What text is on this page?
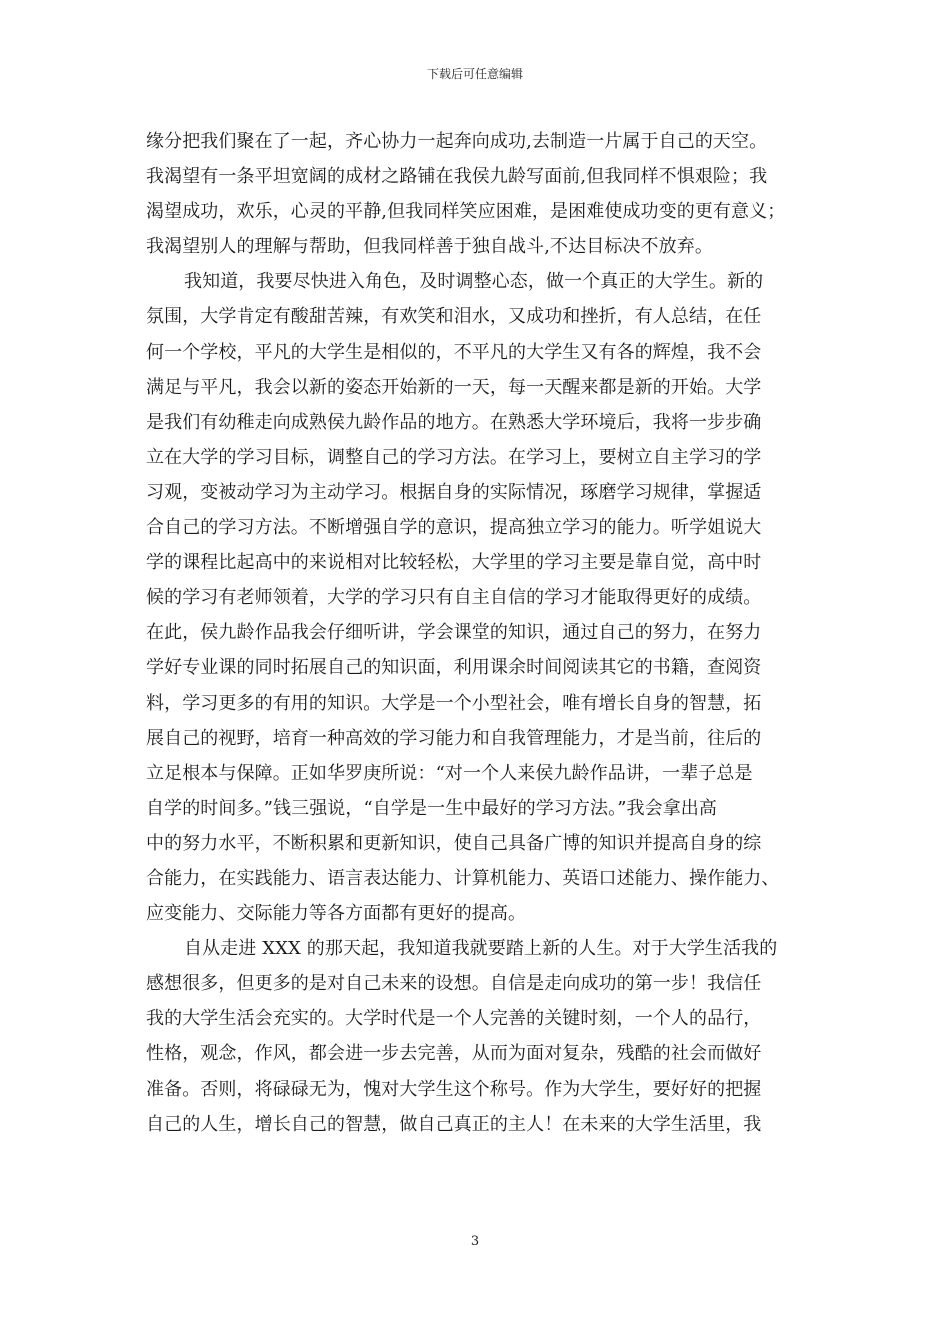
下载后可任意编辑
缘分把我们聚在了一起，齐心协力一起奔向成功,去制造一片属于自己的天空。
我渴望有一条平坦宽阔的成材之路铺在我侯九龄写面前,但我同样不惧艰险；我
渴望成功，欢乐，心灵的平静,但我同样笑应困难，是困难使成功变的更有意义；
我渴望别人的理解与帮助，但我同样善于独自战斗,不达目标决不放弃。
我知道，我要尽快进入角色，及时调整心态，做一个真正的大学生。新的
氛围，大学肯定有酸甜苦辣，有欢笑和泪水，又成功和挫折，有人总结，在任
何一个学校，平凡的大学生是相似的，不平凡的大学生又有各的辉煌，我不会
满足与平凡，我会以新的姿态开始新的一天，每一天醒来都是新的开始。大学
是我们有幼稚走向成熟侯九龄作品的地方。在熟悉大学环境后，我将一步步确
立在大学的学习目标，调整自己的学习方法。在学习上，要树立自主学习的学
习观，变被动学习为主动学习。根据自身的实际情况，琢磨学习规律，掌握适
合自己的学习方法。不断增强自学的意识，提高独立学习的能力。听学姐说大
学的课程比起高中的来说相对比较轻松，大学里的学习主要是靠自觉，高中时
候的学习有老师领着，大学的学习只有自主自信的学习才能取得更好的成绩。
在此，侯九龄作品我会仔细听讲，学会课堂的知识，通过自己的努力，在努力
学好专业课的同时拓展自己的知识面，利用课余时间阅读其它的书籍，查阅资
料，学习更多的有用的知识。大学是一个小型社会，唯有增长自身的智慧，拓
展自己的视野，培育一种高效的学习能力和自我管理能力，才是当前，往后的
立足根本与保障。正如华罗庚所说：“对一个人来侯九龄作品讲，一辈子总是
自学的时间多。”钱三强说，“自学是一生中最好的学习方法。”我会拿出高
中的努力水平，不断积累和更新知识，使自己具备广博的知识并提高自身的综
合能力，在实践能力、语言表达能力、计算机能力、英语口述能力、操作能力、
应变能力、交际能力等各方面都有更好的提高。
自从走进 XXX 的那天起，我知道我就要踏上新的人生。对于大学生活我的
感想很多，但更多的是对自己未来的设想。自信是走向成功的第一步！我信任
我的大学生活会充实的。大学时代是一个人完善的关键时刻，一个人的品行，
性格，观念，作风，都会进一步去完善，从而为面对复杂，残酷的社会而做好
准备。否则，将碌碌无为，愧对大学生这个称号。作为大学生，要好好的把握
自己的人生，增长自己的智慧，做自己真正的主人！在未来的大学生活里，我
3
